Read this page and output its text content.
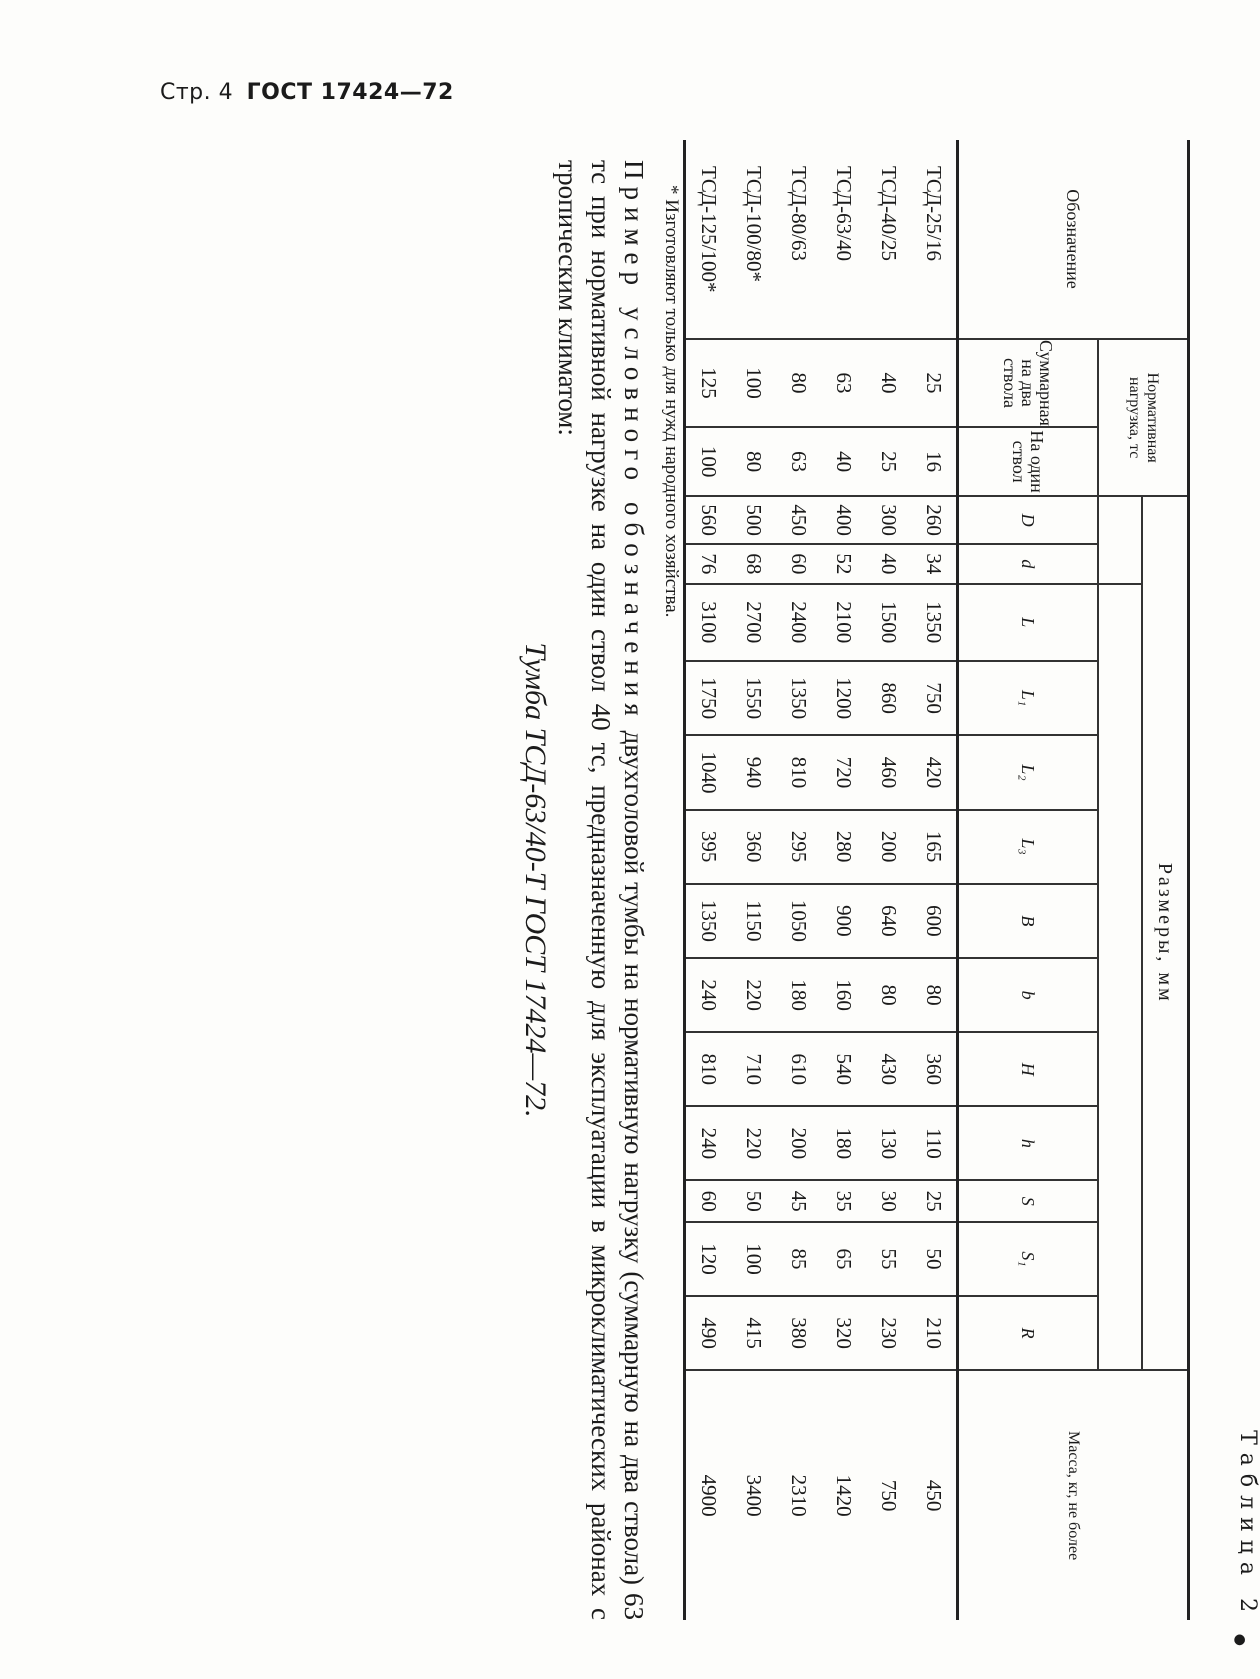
Стр. 4 ГОСТ 17424—72
Таблица 2
●
Обозначение	Нормативная нагрузка, тс		Размеры, мм													Масса, кг, не более

	Суммарная на два ствола	На один ствол	D	d	L	L₁	L₂	L₃	B	b	H	h	S	S₁	R	
ТСД-25/16	25	16	260	34	1350	750	420	165	600	80	360	110	25	50	210	450
ТСД-40/25	40	25	300	40	1500	860	460	200	640	80	430	130	30	55	230	750
ТСД-63/40	63	40	400	52	2100	1200	720	280	900	160	540	180	35	65	320	1420
ТСД-80/63	80	63	450	60	2400	1350	810	295	1050	180	610	200	45	85	380	2310
ТСД-100/80*	100	80	500	68	2700	1550	940	360	1150	220	710	220	50	100	415	3400
ТСД-125/100*	125	100	560	76	3100	1750	1040	395	1350	240	810	240	60	120	490	4900
* Изготовляют только для нужд народного хозяйства.
Пример условного обозначения двухголовой тумбы на нормативную нагрузку (суммарную на два ствола) 63 тс при нормативной нагрузке на один ствол 40 тс, предназначенную для эксплуатации в микроклиматических районах с тропическим климатом:
Тумба ТСД-63/40-Т ГОСТ 17424—72.
